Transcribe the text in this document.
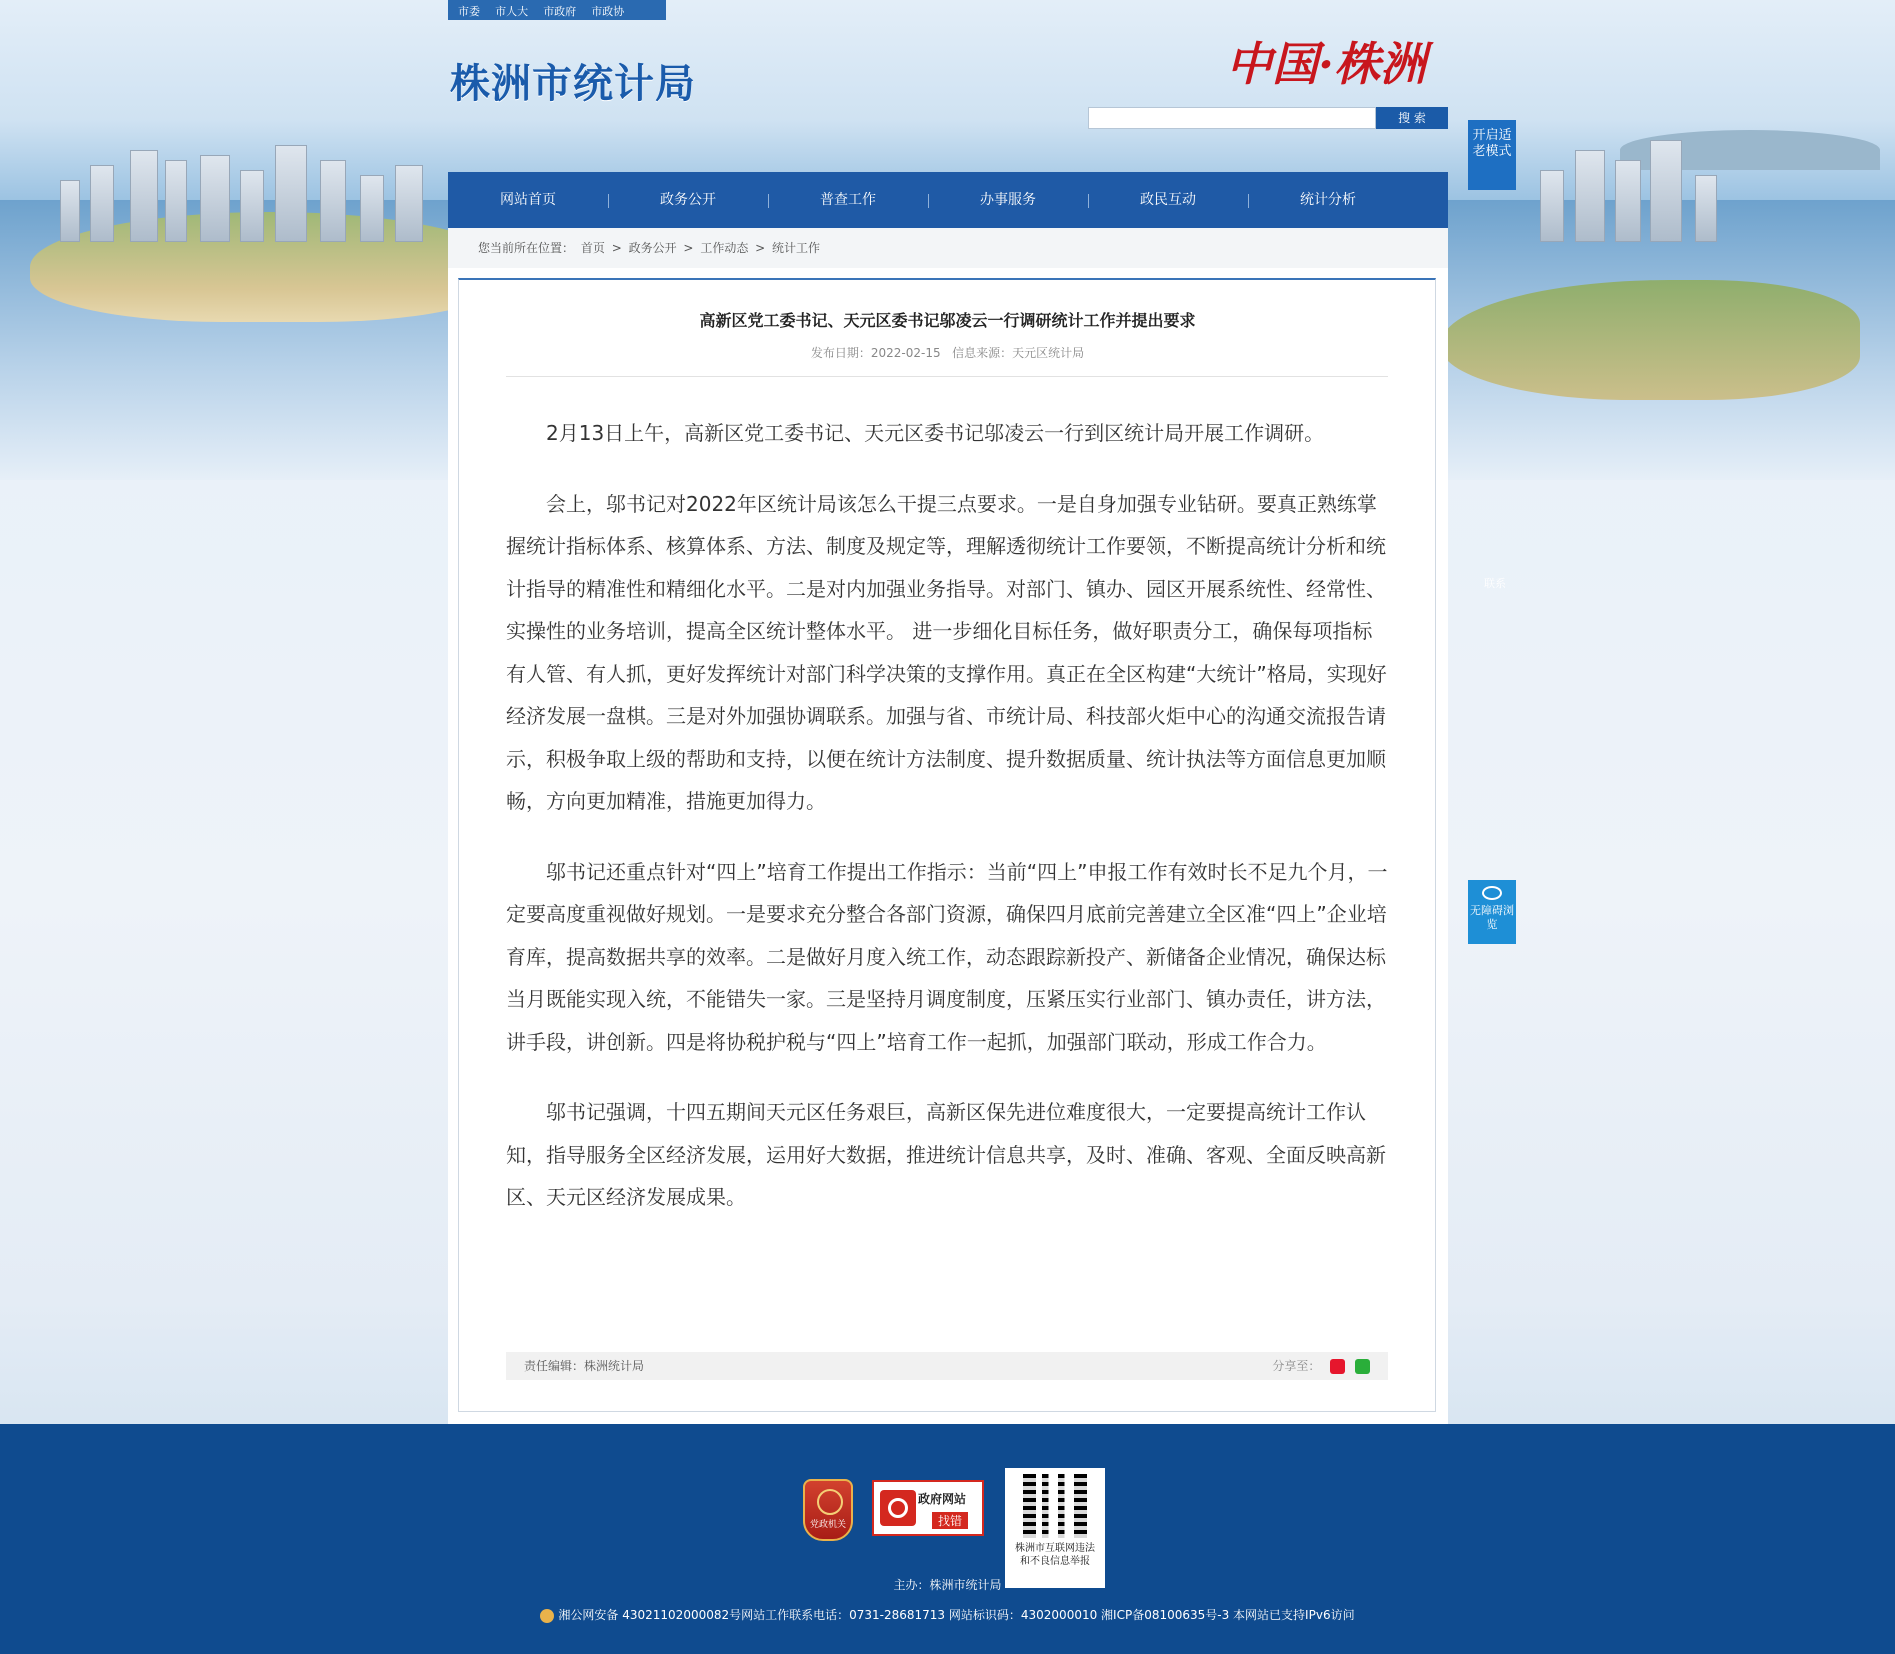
市委 市人大 市政府 市政协
株洲市统计局	中国·株洲
搜 索
开启适老模式
无障碍浏览
联系
网站首页	政务公开	普查工作	办事服务	政民互动	统计分析
您当前所在位置： 首页 > 政务公开 > 工作动态 > 统计工作
高新区党工委书记、天元区委书记邬凌云一行调研统计工作并提出要求
发布日期：2022-02-15 信息来源：天元区统计局

2月13日上午，高新区党工委书记、天元区委书记邬凌云一行到区统计局开展工作调研。

会上，邬书记对2022年区统计局该怎么干提三点要求。一是自身加强专业钻研。要真正熟练掌握统计指标体系、核算体系、方法、制度及规定等，理解透彻统计工作要领，不断提高统计分析和统计指导的精准性和精细化水平。二是对内加强业务指导。对部门、镇办、园区开展系统性、经常性、实操性的业务培训，提高全区统计整体水平。 进一步细化目标任务，做好职责分工，确保每项指标有人管、有人抓，更好发挥统计对部门科学决策的支撑作用。真正在全区构建“大统计”格局，实现好经济发展一盘棋。三是对外加强协调联系。加强与省、市统计局、科技部火炬中心的沟通交流报告请示，积极争取上级的帮助和支持，以便在统计方法制度、提升数据质量、统计执法等方面信息更加顺畅，方向更加精准，措施更加得力。

邬书记还重点针对“四上”培育工作提出工作指示：当前“四上”申报工作有效时长不足九个月，一定要高度重视做好规划。一是要求充分整合各部门资源，确保四月底前完善建立全区准“四上”企业培育库，提高数据共享的效率。二是做好月度入统工作，动态跟踪新投产、新储备企业情况，确保达标当月既能实现入统，不能错失一家。三是坚持月调度制度，压紧压实行业部门、镇办责任，讲方法，讲手段，讲创新。四是将协税护税与“四上”培育工作一起抓，加强部门联动，形成工作合力。

邬书记强调，十四五期间天元区任务艰巨，高新区保先进位难度很大，一定要提高统计工作认知，指导服务全区经济发展，运用好大数据，推进统计信息共享，及时、准确、客观、全面反映高新区、天元区经济发展成果。

责任编辑：株洲统计局	分享至：
党政机关
政府网站
找错
株洲市互联网违法和不良信息举报
主办：株洲市统计局
湘公网安备 43021102000082号网站工作联系电话：0731-28681713 网站标识码：4302000010 湘ICP备08100635号-3 本网站已支持IPv6访问
